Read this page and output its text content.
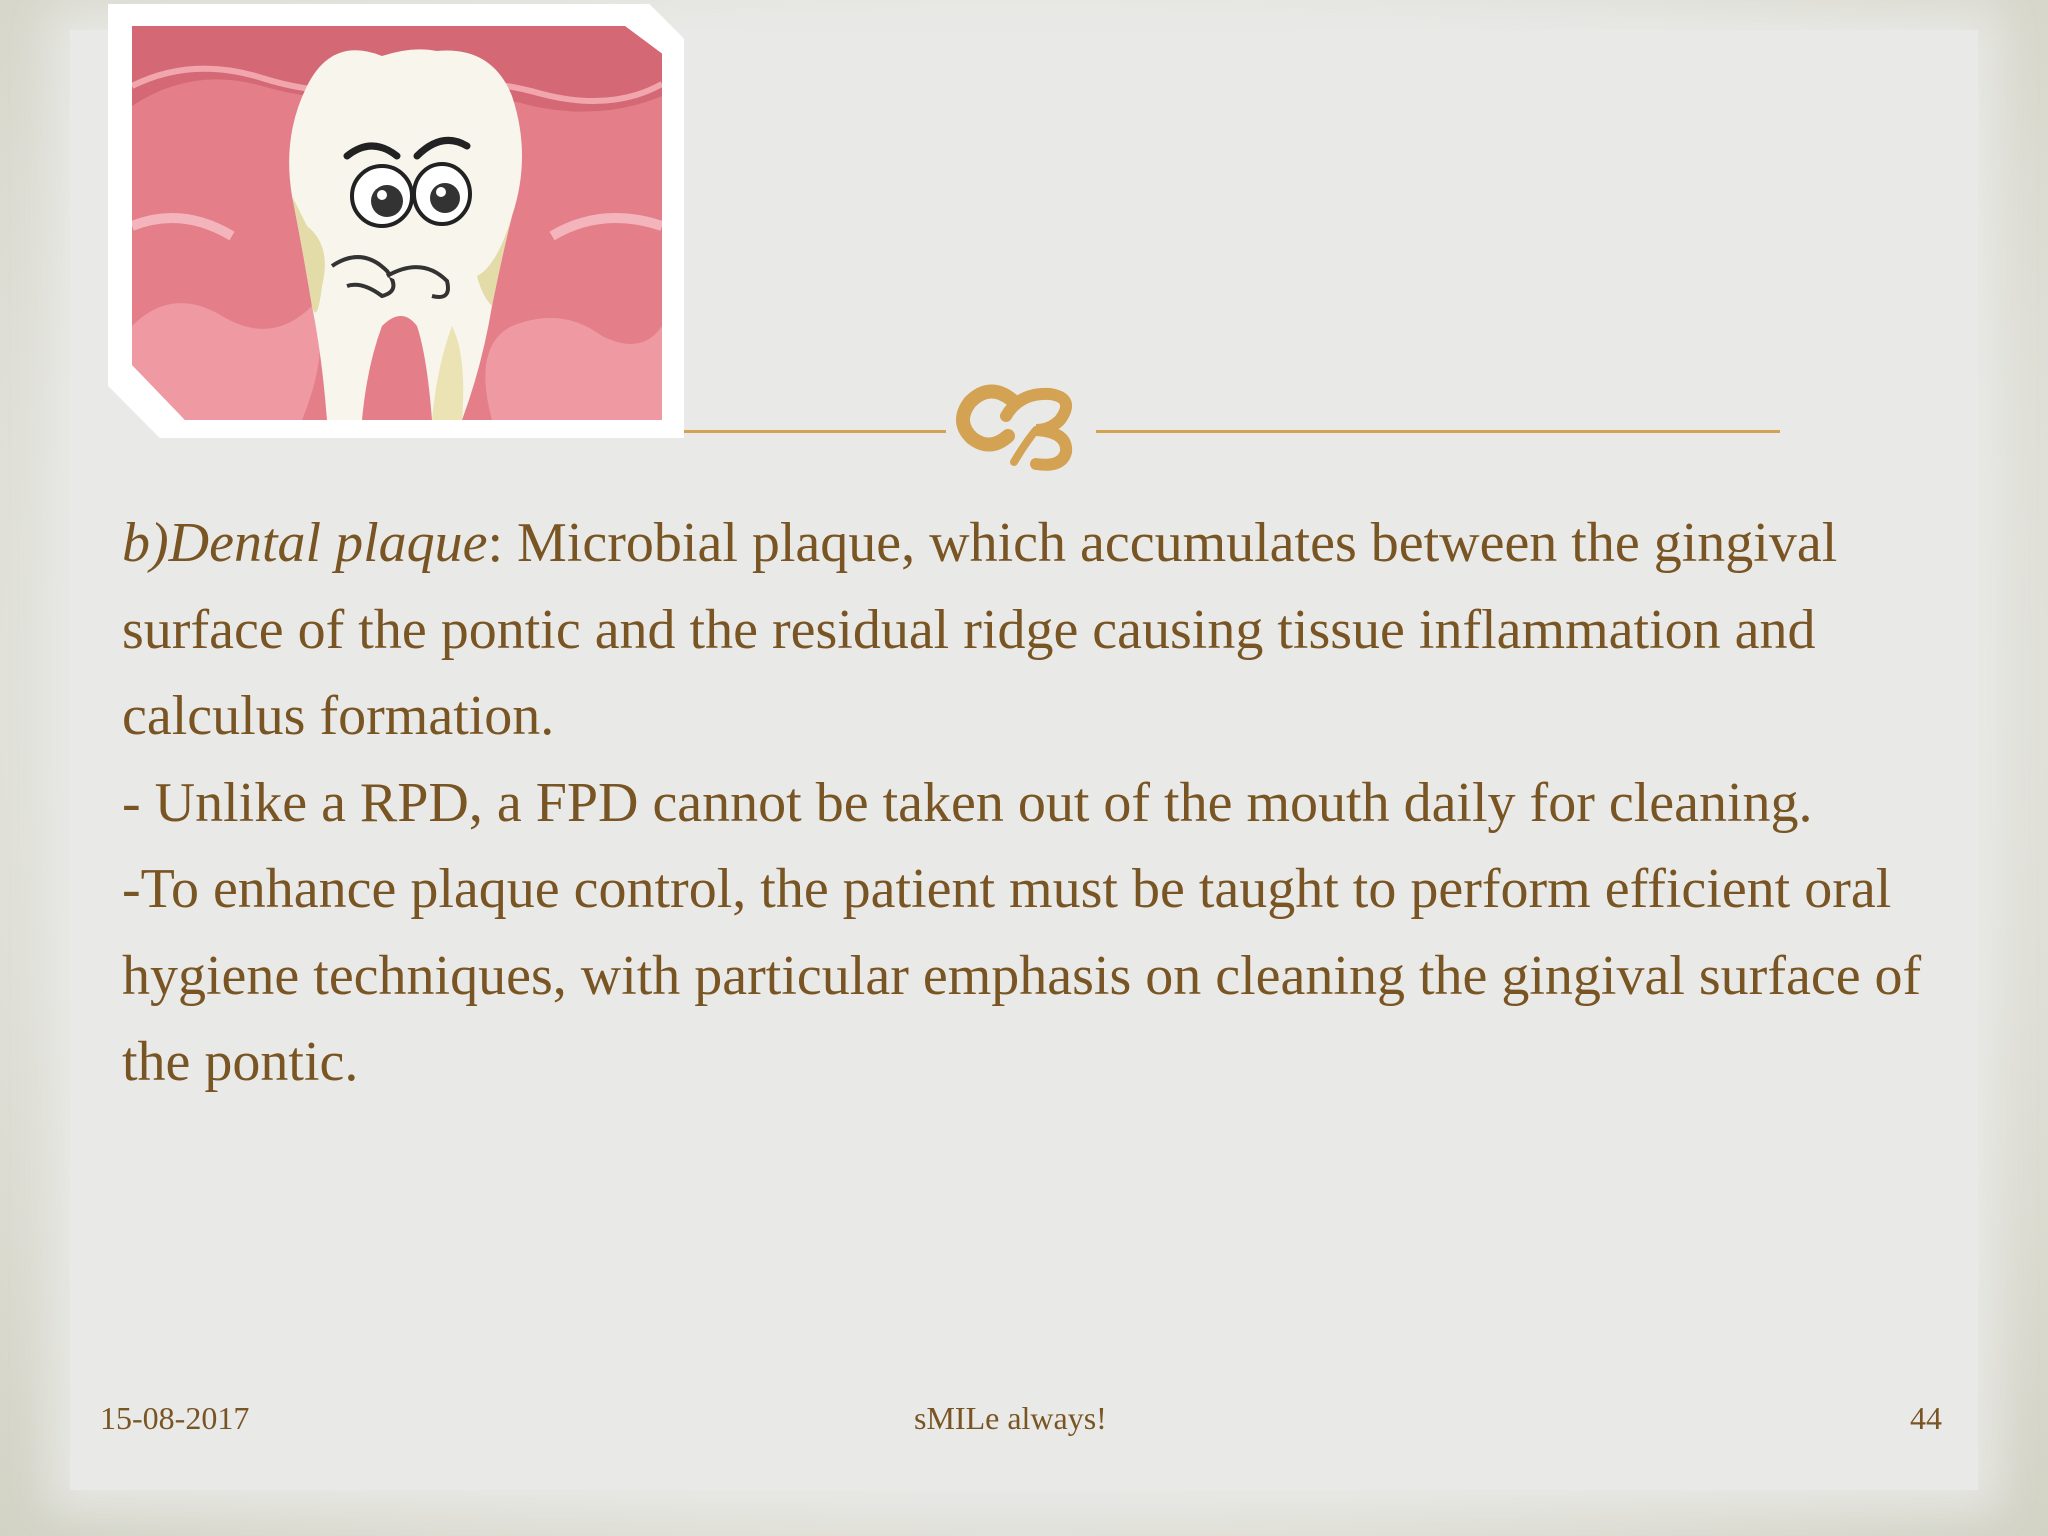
b)Dental plaque: Microbial plaque, which accumulates between the gingival surface of the pontic and the residual ridge causing tissue inflammation and calculus formation.

- Unlike a RPD, a FPD cannot be taken out of the mouth daily for cleaning.

-To enhance plaque control, the patient must be taught to perform efficient oral hygiene techniques, with particular emphasis on cleaning the gingival surface of the pontic.

15-08-2017	sMILe always!	44
